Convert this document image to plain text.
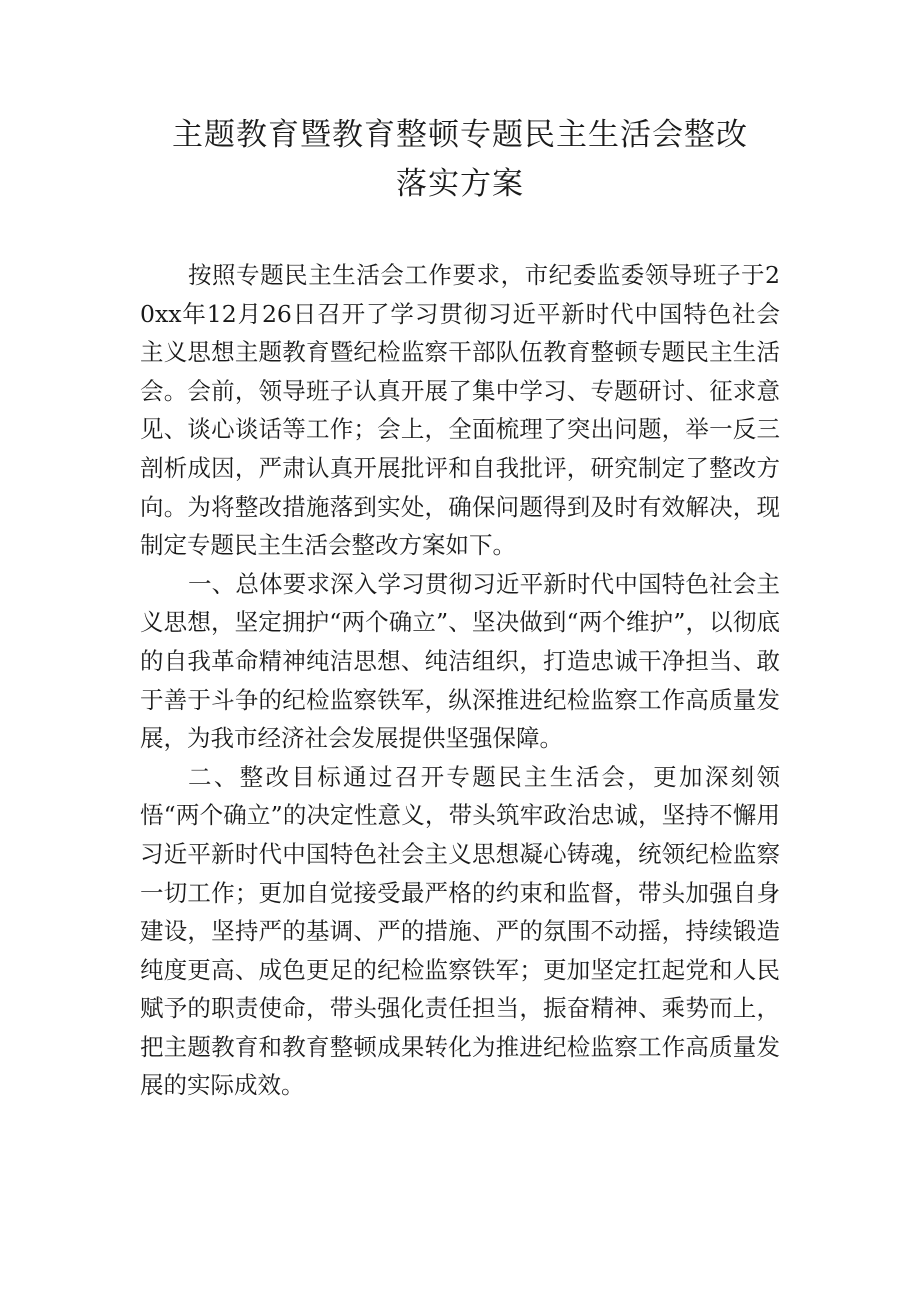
主题教育暨教育整顿专题民主生活会整改
落实方案

按照专题民主生活会工作要求，市纪委监委领导班子于20xx年12月26日召开了学习贯彻习近平新时代中国特色社会主义思想主题教育暨纪检监察干部队伍教育整顿专题民主生活会。会前，领导班子认真开展了集中学习、专题研讨、征求意见、谈心谈话等工作；会上，全面梳理了突出问题，举一反三剖析成因，严肃认真开展批评和自我批评，研究制定了整改方向。为将整改措施落到实处，确保问题得到及时有效解决，现制定专题民主生活会整改方案如下。

一、总体要求深入学习贯彻习近平新时代中国特色社会主义思想，坚定拥护“两个确立”、坚决做到“两个维护”，以彻底的自我革命精神纯洁思想、纯洁组织，打造忠诚干净担当、敢于善于斗争的纪检监察铁军，纵深推进纪检监察工作高质量发展，为我市经济社会发展提供坚强保障。

二、整改目标通过召开专题民主生活会，更加深刻领悟“两个确立”的决定性意义，带头筑牢政治忠诚，坚持不懈用习近平新时代中国特色社会主义思想凝心铸魂，统领纪检监察一切工作；更加自觉接受最严格的约束和监督，带头加强自身建设，坚持严的基调、严的措施、严的氛围不动摇，持续锻造纯度更高、成色更足的纪检监察铁军；更加坚定扛起党和人民赋予的职责使命，带头强化责任担当，振奋精神、乘势而上，把主题教育和教育整顿成果转化为推进纪检监察工作高质量发展的实际成效。
